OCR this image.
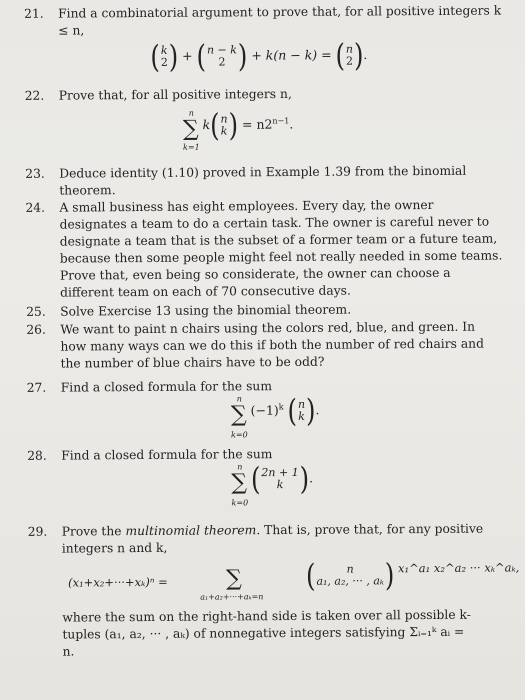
21. Find a combinatorial argument to prove that, for all positive integers k ≤ n,
( k
2 ) + ( n − k
2 ) + k(n − k) = ( n
2 ).
22. Prove that, for all positive integers n,
n
∑
k=1
k( n
k ) = $n2^{n-1}$.
23. Deduce identity (1.10) proved in Example 1.39 from the binomial theorem.
24. A small business has eight employees. Every day, the owner designates a team to do a certain task. The owner is careful never to designate a team that is the subset of a former team or a future team, because then some people might feel not really needed in some teams. Prove that, even being so considerate, the owner can choose a different team on each of 70 consecutive days.
25. Solve Exercise 13 using the binomial theorem.
26. We want to paint n chairs using the colors red, blue, and green. In how many ways can we do this if both the number of red chairs and the number of blue chairs have to be odd?
27. Find a closed formula for the sum
n
∑
k=0
$(-1)^k$ ( n
k ).
28. Find a closed formula for the sum
n
∑
k=0
( 2n + 1
k ).
29. Prove the multinomial theorem. That is, prove that, for any positive integers n and k,
(x₁+x₂+···+xₖ)ⁿ =	∑
a₁+a₂+···+aₖ=n
(	n
a₁, a₂, ··· , aₖ ) x₁^a₁ x₂^a₂ ··· xₖ^aₖ,
where the sum on the right-hand side is taken over all possible k-tuples (a₁, a₂, ··· , aₖ) of nonnegative integers satisfying Σᵢ₌₁ᵏ aᵢ = n.
